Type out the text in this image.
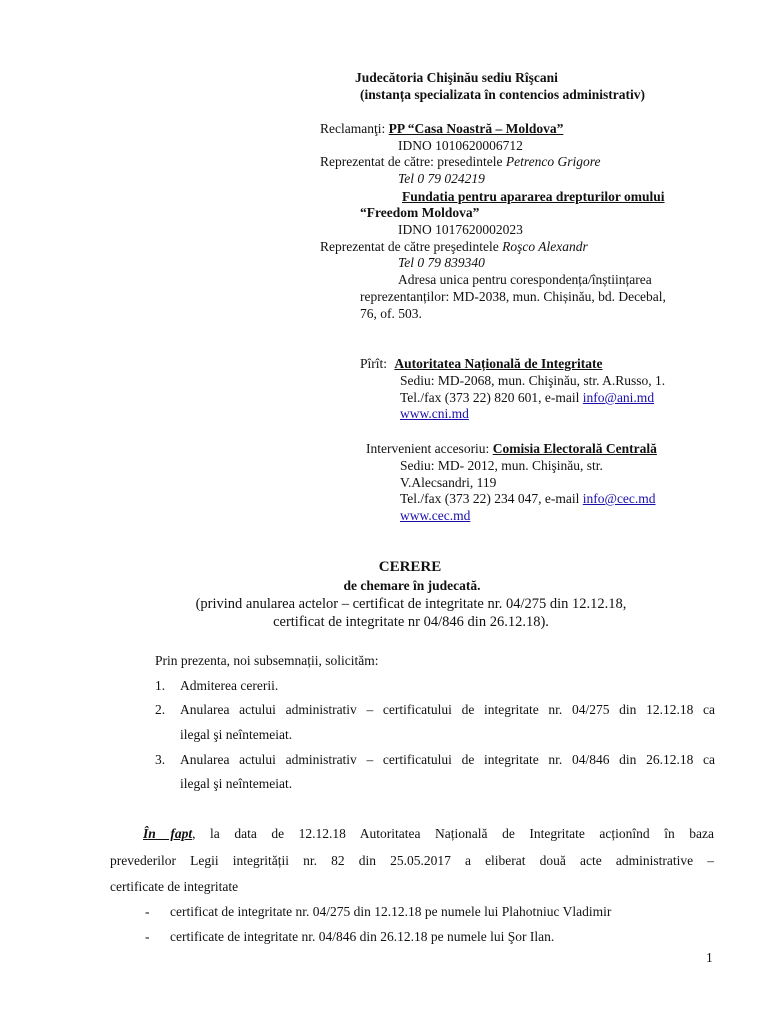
Judecătoria Chişinău sediu Rîşcani
(instanța specializata în contencios administrativ)
Reclamanţi: PP “Casa Noastră – Moldova”
IDNO 1010620006712
Reprezentat de către: presedintele Petrenco Grigore
Tel 0 79 024219
Fundatia pentru apararea drepturilor omului
“Freedom Moldova”
IDNO 1017620002023
Reprezentat de către preşedintele Roşco Alexandr
Tel 0 79 839340
Adresa unica pentru corespondența/înștiințarea
reprezentanților: MD-2038, mun. Chișinău, bd. Decebal,
76, of. 503.
Pîrît: Autoritatea Națională de Integritate
Sediu: MD-2068, mun. Chişinău, str. A.Russo, 1.
Tel./fax (373 22) 820 601, e-mail info@ani.md
www.cni.md
Intervenient accesoriu: Comisia Electorală Centrală
Sediu: MD- 2012, mun. Chişinău, str.
V.Alecsandri, 119
Tel./fax (373 22) 234 047, e-mail info@cec.md
www.cec.md
CERERE
de chemare în judecată.
(privind anularea actelor – certificat de integritate nr. 04/275 din 12.12.18,
certificat de integritate nr 04/846 din 26.12.18).
Prin prezenta, noi subsemnații, solicităm:
1. Admiterea cererii.
2. Anularea actului administrativ – certificatului de integritate nr. 04/275 din 12.12.18 ca
ilegal şi neîntemeiat.
3. Anularea actului administrativ – certificatului de integritate nr. 04/846 din 26.12.18 ca
ilegal şi neîntemeiat.
În fapt, la data de 12.12.18 Autoritatea Națională de Integritate acționînd în baza
prevederilor Legii integrității nr. 82 din 25.05.2017 a eliberat două acte administrative –
certificate de integritate
- certificat de integritate nr. 04/275 din 12.12.18 pe numele lui Plahotniuc Vladimir
- certificate de integritate nr. 04/846 din 26.12.18 pe numele lui Şor Ilan.
1
